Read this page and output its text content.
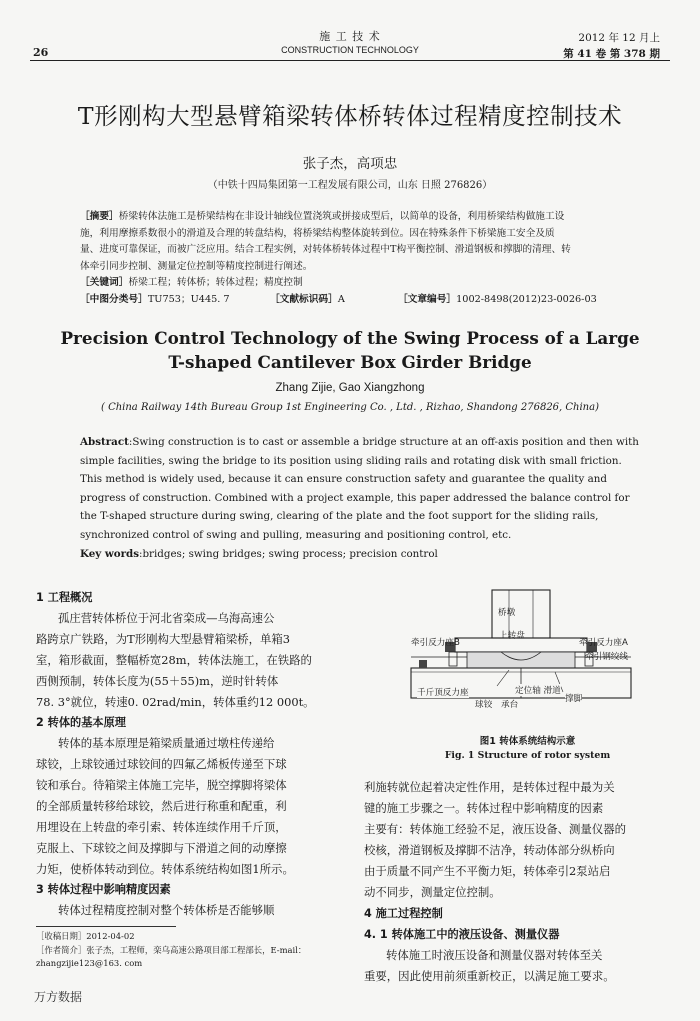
26
施 工 技 术
CONSTRUCTION TECHNOLOGY
2012 年 12 月上
第 41 卷 第 378 期
T形刚构大型悬臂箱梁转体桥转体过程精度控制技术
张子杰，高项忠
（中铁十四局集团第一工程发展有限公司，山东 日照 276826）
［摘要］桥梁转体法施工是桥梁结构在非设计轴线位置浇筑或拼接成型后，以简单的设备，利用桥梁结构做施工设
施，利用摩擦系数很小的滑道及合理的转盘结构，将桥梁结构整体旋转到位。因在特殊条件下桥梁施工安全及质
量、进度可靠保证，而被广泛应用。结合工程实例，对转体桥转体过程中T构平衡控制、滑道钢板和撑脚的清理、转
体牵引同步控制、测量定位控制等精度控制进行阐述。
［关键词］桥梁工程；转体桥；转体过程；精度控制
［中图分类号］TU753；U445. 7	［文献标识码］A	［文章编号］1002-8498(2012)23-0026-03
Precision Control Technology of the Swing Process of a Large
T-shaped Cantilever Box Girder Bridge
Zhang Zijie, Gao Xiangzhong
( China Railway 14th Bureau Group 1st Engineering Co. , Ltd. , Rizhao, Shandong 276826, China)
Abstract:Swing construction is to cast or assemble a bridge structure at an off-axis position and then with
simple facilities, swing the bridge to its position using sliding rails and rotating disk with small friction.
This method is widely used, because it can ensure construction safety and guarantee the quality and
progress of construction. Combined with a project example, this paper addressed the balance control for
the T-shaped structure during swing, clearing of the plate and the foot support for the sliding rails,
synchronized control of swing and pulling, measuring and positioning control, etc.
Key words:bridges; swing bridges; swing process; precision control
1 工程概况
孤庄营转体桥位于河北省栾成—乌海高速公
路跨京广铁路，为T形刚构大型悬臂箱梁桥，单箱3
室，箱形截面，整幅桥宽28m，转体法施工，在铁路的
西侧预制，转体长度为(55＋55)m，逆时针转体
78. 3°就位，转速0. 02rad/min，转体重约12 000t。
2 转体的基本原理
转体的基本原理是箱梁质量通过墩柱传递给
球铰，上球铰通过球铰间的四氟乙烯板传递至下球
铰和承台。待箱梁主体施工完毕，脱空撑脚将梁体
的全部质量转移给球铰，然后进行称重和配重，利
用埋设在上转盘的牵引索、转体连续作用千斤顶，
克服上、下球铰之间及撑脚与下滑道之间的动摩擦
力矩，使桥体转动到位。转体系统结构如图1所示。
3 转体过程中影响精度因素
转体过程精度控制对整个转体桥是否能够顺
［收稿日期］2012-04-02
［作者简介］张子杰，工程师，栾乌高速公路项目部工程部长，E-mail：
zhangzijie123@163. com
桥墩
上转盘
牵引反力座B	牵引反力座A
牵引钢绞线
千斤顶反力座
球铰 承台
定位轴 滑道
撑脚
图1 转体系统结构示意
Fig. 1 Structure of rotor system
利施转就位起着决定性作用，是转体过程中最为关
键的施工步骤之一。转体过程中影响精度的因素
主要有：转体施工经验不足，液压设备、测量仪器的
校核，滑道钢板及撑脚不洁净，转动体部分纵桥向
由于质量不同产生不平衡力矩，转体牵引2泵站启
动不同步，测量定位控制。
4 施工过程控制
4. 1 转体施工中的液压设备、测量仪器
转体施工时液压设备和测量仪器对转体至关
重要，因此使用前须重新校正，以满足施工要求。
万方数据
